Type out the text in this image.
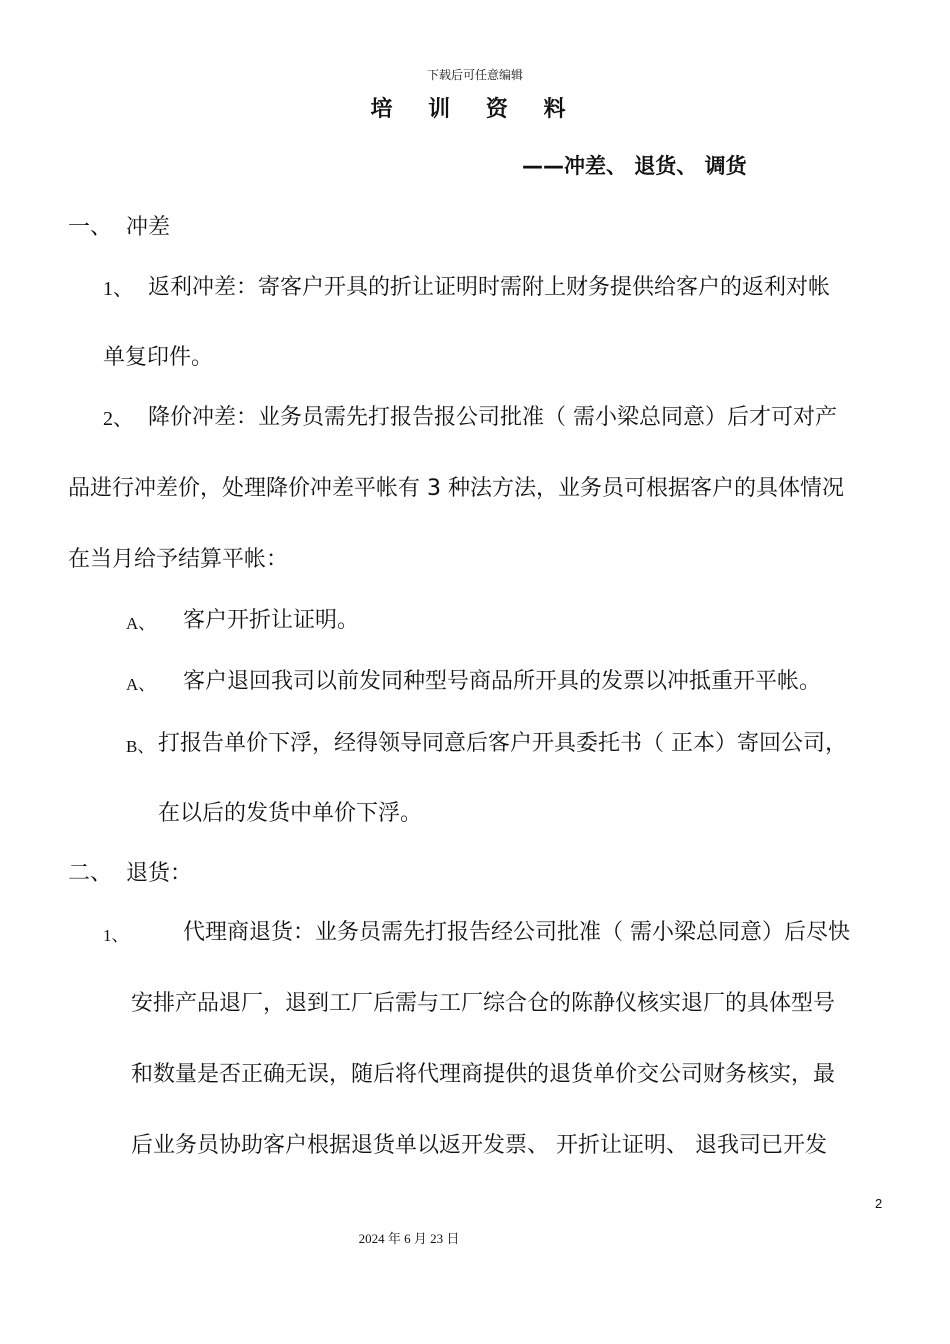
下载后可任意编辑
培 训 资 料
——冲差、 退货、 调货
一、 冲差
1、 返利冲差：寄客户开具的折让证明时需附上财务提供给客户的返利对帐
单复印件。
2、 降价冲差：业务员需先打报告报公司批准（ 需小梁总同意）后才可对产
品进行冲差价，处理降价冲差平帐有 3 种法方法，业务员可根据客户的具体情况
在当月给予结算平帐：
A、 客户开折让证明。
A、 客户退回我司以前发同种型号商品所开具的发票以冲抵重开平帐。
B、 打报告单价下浮，经得领导同意后客户开具委托书（ 正本）寄回公司，
在以后的发货中单价下浮。
二、 退货：
1、 代理商退货：业务员需先打报告经公司批准（ 需小梁总同意）后尽快
安排产品退厂，退到工厂后需与工厂综合仓的陈静仪核实退厂的具体型号
和数量是否正确无误，随后将代理商提供的退货单价交公司财务核实，最
后业务员协助客户根据退货单以返开发票、 开折让证明、 退我司已开发
2
2024 年 6 月 23 日
